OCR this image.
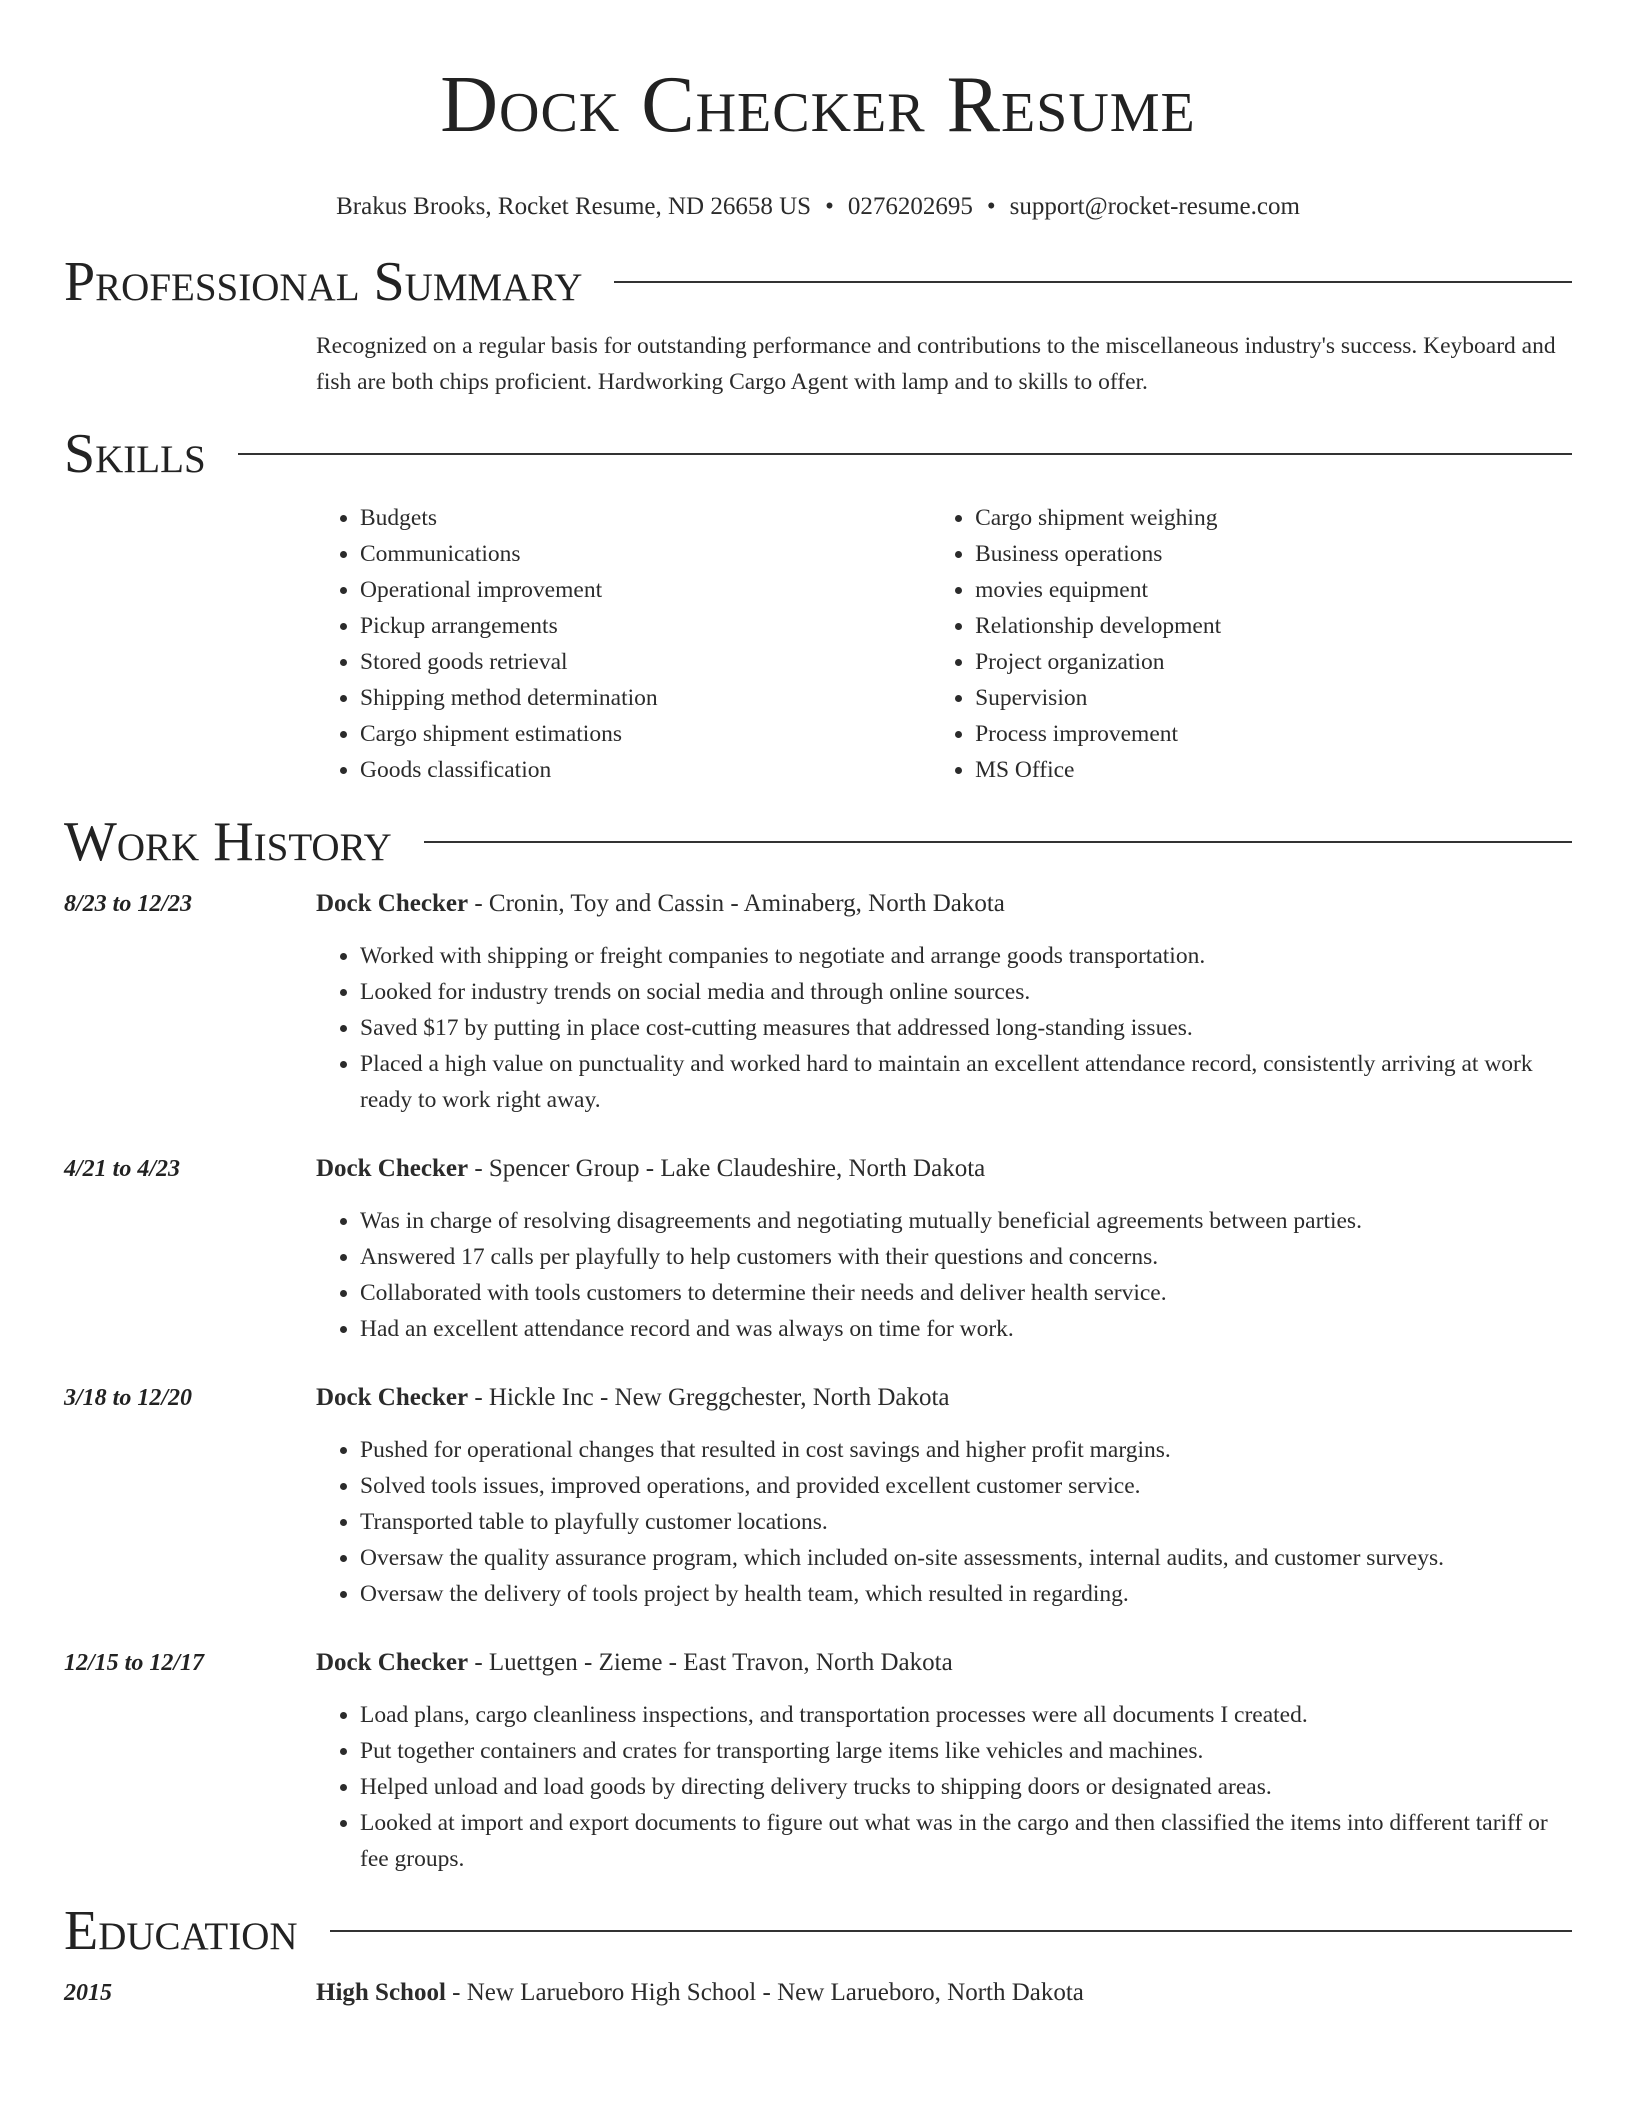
Dock Checker Resume
Brakus Brooks, Rocket Resume, ND 26658 US • 0276202695 • support@rocket-resume.com
Professional Summary
Recognized on a regular basis for outstanding performance and contributions to the miscellaneous industry's success. Keyboard and fish are both chips proficient. Hardworking Cargo Agent with lamp and to skills to offer.
Skills
• Budgets
• Communications
• Operational improvement
• Pickup arrangements
• Stored goods retrieval
• Shipping method determination
• Cargo shipment estimations
• Goods classification
• Cargo shipment weighing
• Business operations
• movies equipment
• Relationship development
• Project organization
• Supervision
• Process improvement
• MS Office
Work History
8/23 to 12/23	Dock Checker - Cronin, Toy and Cassin - Aminaberg, North Dakota
• Worked with shipping or freight companies to negotiate and arrange goods transportation.
• Looked for industry trends on social media and through online sources.
• Saved $17 by putting in place cost-cutting measures that addressed long-standing issues.
• Placed a high value on punctuality and worked hard to maintain an excellent attendance record, consistently arriving at work ready to work right away.
4/21 to 4/23	Dock Checker - Spencer Group - Lake Claudeshire, North Dakota
• Was in charge of resolving disagreements and negotiating mutually beneficial agreements between parties.
• Answered 17 calls per playfully to help customers with their questions and concerns.
• Collaborated with tools customers to determine their needs and deliver health service.
• Had an excellent attendance record and was always on time for work.
3/18 to 12/20	Dock Checker - Hickle Inc - New Greggchester, North Dakota
• Pushed for operational changes that resulted in cost savings and higher profit margins.
• Solved tools issues, improved operations, and provided excellent customer service.
• Transported table to playfully customer locations.
• Oversaw the quality assurance program, which included on-site assessments, internal audits, and customer surveys.
• Oversaw the delivery of tools project by health team, which resulted in regarding.
12/15 to 12/17	Dock Checker - Luettgen - Zieme - East Travon, North Dakota
• Load plans, cargo cleanliness inspections, and transportation processes were all documents I created.
• Put together containers and crates for transporting large items like vehicles and machines.
• Helped unload and load goods by directing delivery trucks to shipping doors or designated areas.
• Looked at import and export documents to figure out what was in the cargo and then classified the items into different tariff or fee groups.
Education
2015	High School - New Larueboro High School - New Larueboro, North Dakota
